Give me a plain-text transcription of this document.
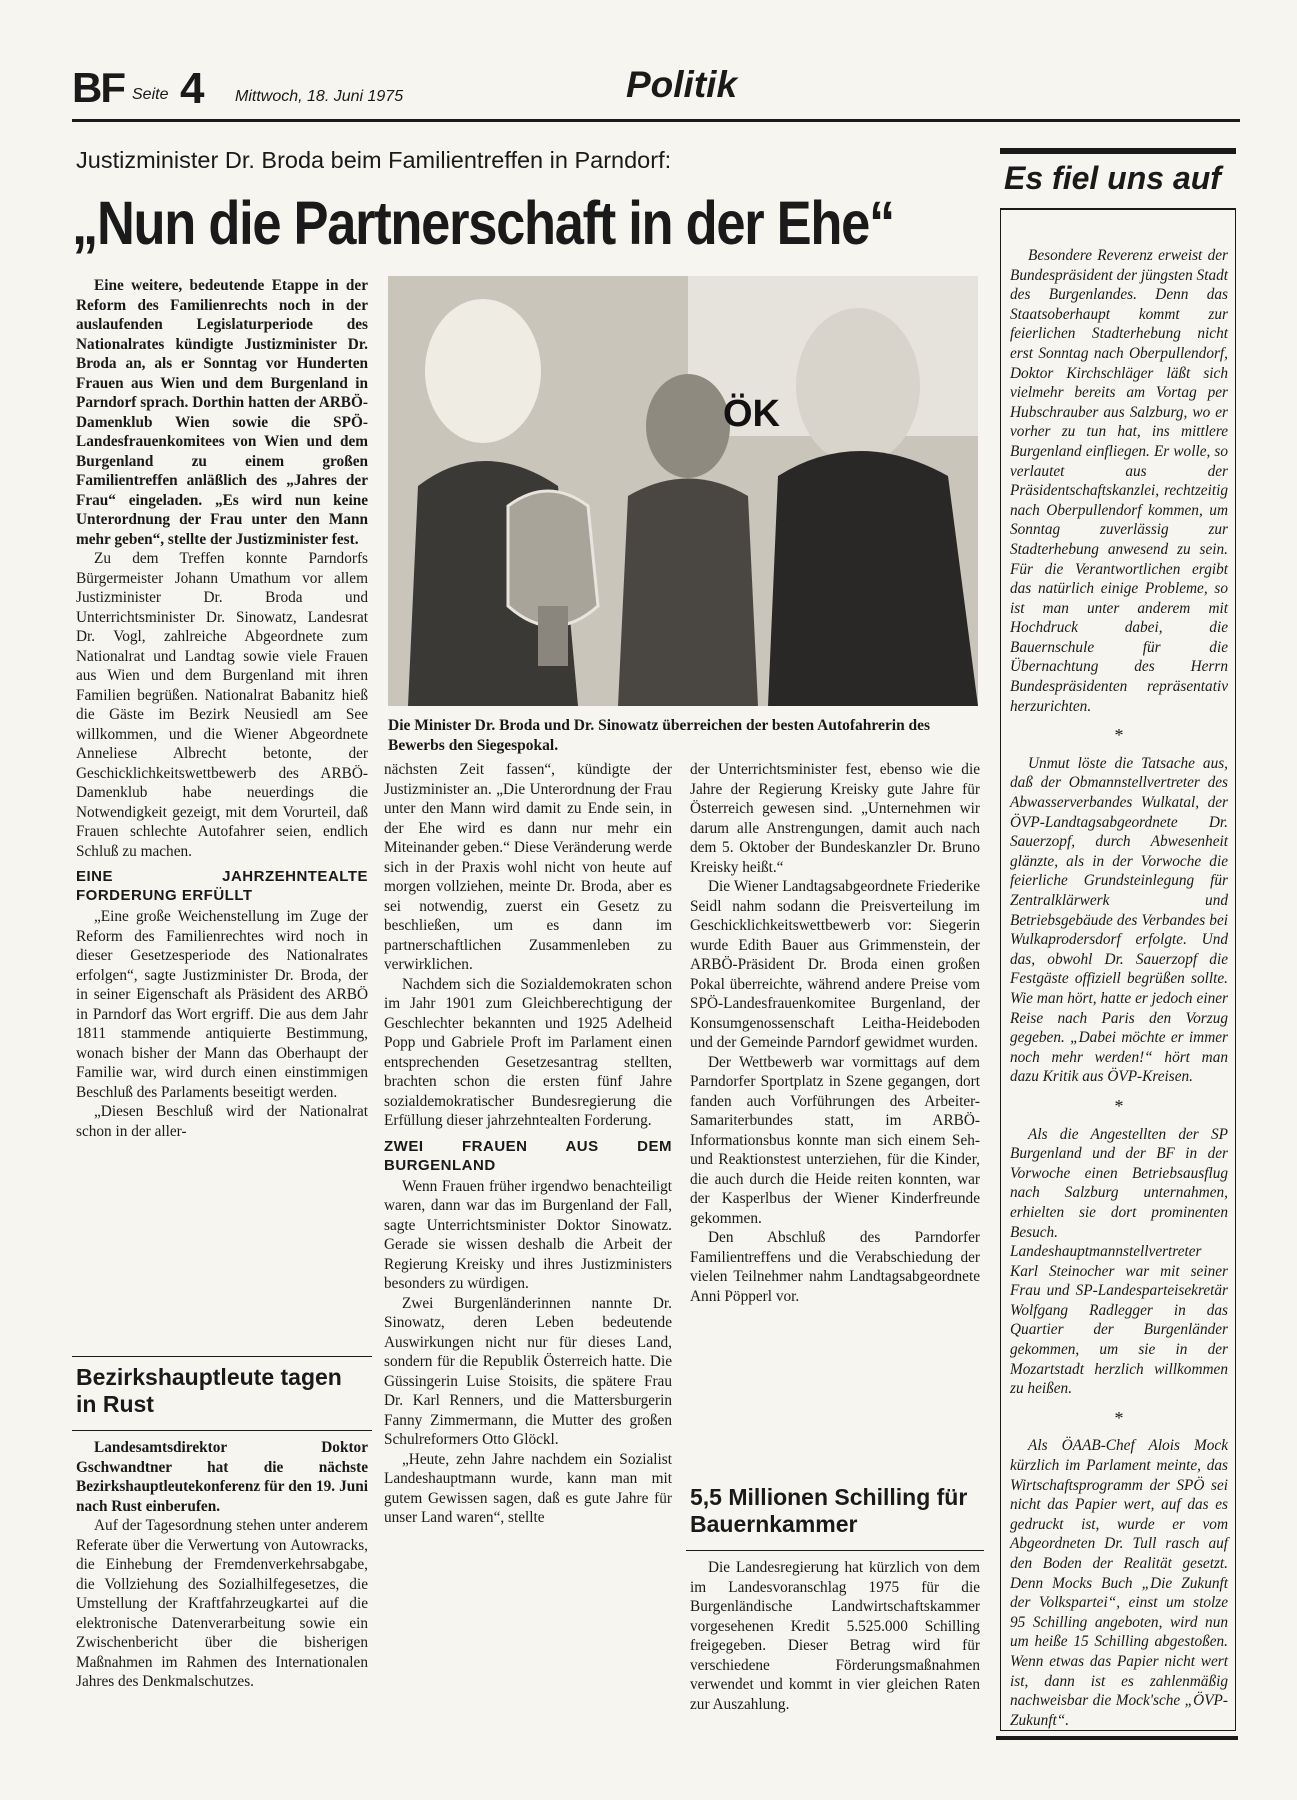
BF Seite 4 Mittwoch, 18. Juni 1975	Politik
Justizminister Dr. Broda beim Familientreffen in Parndorf:
„Nun die Partnerschaft in der Ehe“

Eine weitere, bedeutende Etappe in der Reform des Familienrechts noch in der auslaufenden Legislaturperiode des Nationalrates kündigte Justizminister Dr. Broda an, als er Sonntag vor Hunderten Frauen aus Wien und dem Burgenland in Parndorf sprach. Dorthin hatten der ARBÖ-Damenklub Wien sowie die SPÖ-Landesfrauenkomitees von Wien und dem Burgenland zu einem großen Familientreffen anläßlich des „Jahres der Frau“ eingeladen. „Es wird nun keine Unterordnung der Frau unter den Mann mehr geben“, stellte der Justizminister fest.

Zu dem Treffen konnte Parndorfs Bürgermeister Johann Umathum vor allem Justizminister Dr. Broda und Unterrichtsminister Dr. Sinowatz, Landesrat Dr. Vogl, zahlreiche Abgeordnete zum Nationalrat und Landtag sowie viele Frauen aus Wien und dem Burgenland mit ihren Familien begrüßen. Nationalrat Babanitz hieß die Gäste im Bezirk Neusiedl am See willkommen, und die Wiener Abgeordnete Anneliese Albrecht betonte, der Geschicklichkeitswettbewerb des ARBÖ-Damenklub habe neuerdings die Notwendigkeit gezeigt, mit dem Vorurteil, daß Frauen schlechte Autofahrer seien, endlich Schluß zu machen.

EINE JAHRZEHNTEALTE FORDERUNG ERFÜLLT

„Eine große Weichenstellung im Zuge der Reform des Familienrechtes wird noch in dieser Gesetzesperiode des Nationalrates erfolgen“, sagte Justizminister Dr. Broda, der in seiner Eigenschaft als Präsident des ARBÖ in Parndorf das Wort ergriff. Die aus dem Jahr 1811 stammende antiquierte Bestimmung, wonach bisher der Mann das Oberhaupt der Familie war, wird durch einen einstimmigen Beschluß des Parlaments beseitigt werden.

„Diesen Beschluß wird der Nationalrat schon in der aller-

ÖK
Die Minister Dr. Broda und Dr. Sinowatz überreichen der besten Autofahrerin des Bewerbs den Siegespokal.

nächsten Zeit fassen“, kündigte der Justizminister an. „Die Unterordnung der Frau unter den Mann wird damit zu Ende sein, in der Ehe wird es dann nur mehr ein Miteinander geben.“ Diese Veränderung werde sich in der Praxis wohl nicht von heute auf morgen vollziehen, meinte Dr. Broda, aber es sei notwendig, zuerst ein Gesetz zu beschließen, um es dann im partnerschaftlichen Zusammenleben zu verwirklichen.

Nachdem sich die Sozialdemokraten schon im Jahr 1901 zum Gleichberechtigung der Geschlechter bekannten und 1925 Adelheid Popp und Gabriele Proft im Parlament einen entsprechenden Gesetzesantrag stellten, brachten schon die ersten fünf Jahre sozialdemokratischer Bundesregierung die Erfüllung dieser jahrzehntealten Forderung.

ZWEI FRAUEN AUS DEM BURGENLAND

Wenn Frauen früher irgendwo benachteiligt waren, dann war das im Burgenland der Fall, sagte Unterrichtsminister Doktor Sinowatz. Gerade sie wissen deshalb die Arbeit der Regierung Kreisky und ihres Justizministers besonders zu würdigen.

Zwei Burgenländerinnen nannte Dr. Sinowatz, deren Leben bedeutende Auswirkungen nicht nur für dieses Land, sondern für die Republik Österreich hatte. Die Güssingerin Luise Stoisits, die spätere Frau Dr. Karl Renners, und die Mattersburgerin Fanny Zimmermann, die Mutter des großen Schulreformers Otto Glöckl.

„Heute, zehn Jahre nachdem ein Sozialist Landeshauptmann wurde, kann man mit gutem Gewissen sagen, daß es gute Jahre für unser Land waren“, stellte

der Unterrichtsminister fest, ebenso wie die Jahre der Regierung Kreisky gute Jahre für Österreich gewesen sind. „Unternehmen wir darum alle Anstrengungen, damit auch nach dem 5. Oktober der Bundeskanzler Dr. Bruno Kreisky heißt.“

Die Wiener Landtagsabgeordnete Friederike Seidl nahm sodann die Preisverteilung im Geschicklichkeitswettbewerb vor: Siegerin wurde Edith Bauer aus Grimmenstein, der ARBÖ-Präsident Dr. Broda einen großen Pokal überreichte, während andere Preise vom SPÖ-Landesfrauenkomitee Burgenland, der Konsumgenossenschaft Leitha-Heideboden und der Gemeinde Parndorf gewidmet wurden.

Der Wettbewerb war vormittags auf dem Parndorfer Sportplatz in Szene gegangen, dort fanden auch Vorführungen des Arbeiter-Samariterbundes statt, im ARBÖ-Informationsbus konnte man sich einem Seh- und Reaktionstest unterziehen, für die Kinder, die auch durch die Heide reiten konnten, war der Kasperlbus der Wiener Kinderfreunde gekommen.

Den Abschluß des Parndorfer Familientreffens und die Verabschiedung der vielen Teilnehmer nahm Landtagsabgeordnete Anni Pöpperl vor.

Bezirkshauptleute tagen in Rust

Landesamtsdirektor Doktor Gschwandtner hat die nächste Bezirkshauptleutekonferenz für den 19. Juni nach Rust einberufen.

Auf der Tagesordnung stehen unter anderem Referate über die Verwertung von Autowracks, die Einhebung der Fremdenverkehrsabgabe, die Vollziehung des Sozialhilfegesetzes, die Umstellung der Kraftfahrzeugkartei auf die elektronische Datenverarbeitung sowie ein Zwischenbericht über die bisherigen Maßnahmen im Rahmen des Internationalen Jahres des Denkmalschutzes.

5,5 Millionen Schilling für Bauernkammer

Die Landesregierung hat kürzlich von dem im Landesvoranschlag 1975 für die Burgenländische Landwirtschaftskammer vorgesehenen Kredit 5.525.000 Schilling freigegeben. Dieser Betrag wird für verschiedene Förderungsmaßnahmen verwendet und kommt in vier gleichen Raten zur Auszahlung.

Es fiel uns auf

Besondere Reverenz erweist der Bundespräsident der jüngsten Stadt des Burgenlandes. Denn das Staatsoberhaupt kommt zur feierlichen Stadterhebung nicht erst Sonntag nach Oberpullendorf, Doktor Kirchschläger läßt sich vielmehr bereits am Vortag per Hubschrauber aus Salzburg, wo er vorher zu tun hat, ins mittlere Burgenland einfliegen. Er wolle, so verlautet aus der Präsidentschaftskanzlei, rechtzeitig nach Oberpullendorf kommen, um Sonntag zuverlässig zur Stadterhebung anwesend zu sein. Für die Verantwortlichen ergibt das natürlich einige Probleme, so ist man unter anderem mit Hochdruck dabei, die Bauernschule für die Übernachtung des Herrn Bundespräsidenten repräsentativ herzurichten.

*

Unmut löste die Tatsache aus, daß der Obmannstellvertreter des Abwasserverbandes Wulkatal, der ÖVP-Landtagsabgeordnete Dr. Sauerzopf, durch Abwesenheit glänzte, als in der Vorwoche die feierliche Grundsteinlegung für Zentralklärwerk und Betriebsgebäude des Verbandes bei Wulkaprodersdorf erfolgte. Und das, obwohl Dr. Sauerzopf die Festgäste offiziell begrüßen sollte. Wie man hört, hatte er jedoch einer Reise nach Paris den Vorzug gegeben. „Dabei möchte er immer noch mehr werden!“ hört man dazu Kritik aus ÖVP-Kreisen.

*

Als die Angestellten der SP Burgenland und der BF in der Vorwoche einen Betriebsausflug nach Salzburg unternahmen, erhielten sie dort prominenten Besuch. Landeshauptmannstellvertreter Karl Steinocher war mit seiner Frau und SP-Landesparteisekretär Wolfgang Radlegger in das Quartier der Burgenländer gekommen, um sie in der Mozartstadt herzlich willkommen zu heißen.

*

Als ÖAAB-Chef Alois Mock kürzlich im Parlament meinte, das Wirtschaftsprogramm der SPÖ sei nicht das Papier wert, auf das es gedruckt ist, wurde er vom Abgeordneten Dr. Tull rasch auf den Boden der Realität gesetzt. Denn Mocks Buch „Die Zukunft der Volkspartei“, einst um stolze 95 Schilling angeboten, wird nun um heiße 15 Schilling abgestoßen. Wenn etwas das Papier nicht wert ist, dann ist es zahlenmäßig nachweisbar die Mock'sche „ÖVP-Zukunft“.
